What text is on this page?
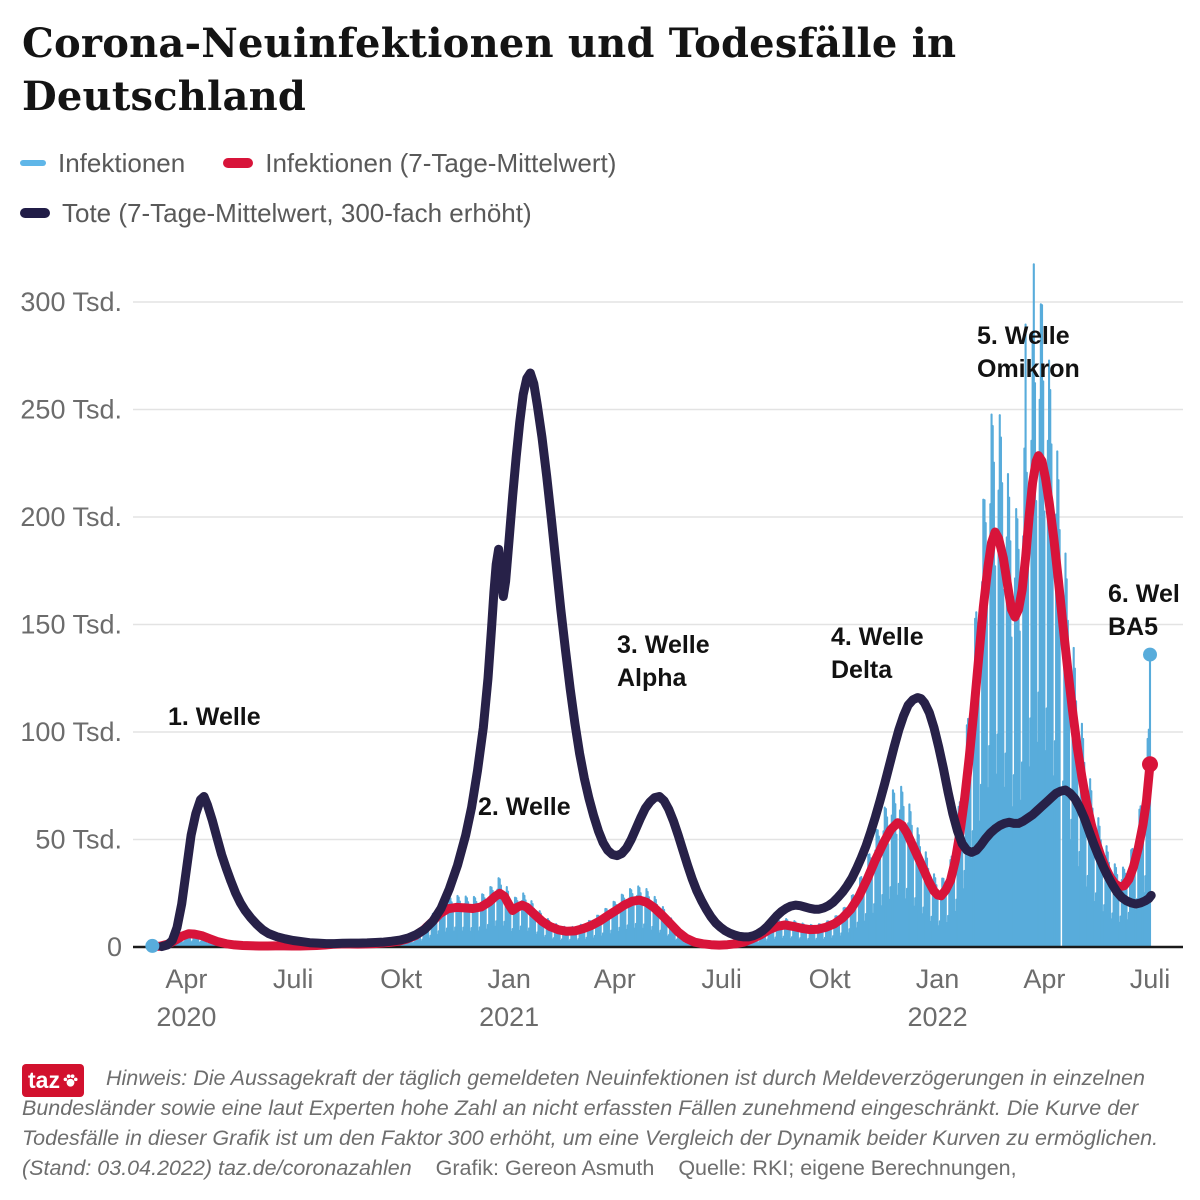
Corona-Neuinfektionen und Todesfälle in
Deutschland
Infektionen	Infektionen (7-Tage-Mittelwert)
Tote (7-Tage-Mittelwert, 300-fach erhöht)
0
50 Tsd.
100 Tsd.
150 Tsd.
200 Tsd.
250 Tsd.
300 Tsd.
Apr
2020
Juli Okt Jan
2021
Apr Juli Okt Jan
2022
Apr Juli
1. Welle
2. Welle
3. Welle
Alpha
4. Welle
Delta
5. Welle
Omikron
6. Wel
BA5
taz	Hinweis: Die Aussagekraft der täglich gemeldeten Neuinfektionen ist durch Meldeverzögerungen in einzelnen
Bundesländer sowie eine laut Experten hohe Zahl an nicht erfassten Fällen zunehmend eingeschränkt. Die Kurve der
Todesfälle in dieser Grafik ist um den Faktor 300 erhöht, um eine Vergleich der Dynamik beider Kurven zu ermöglichen.
(Stand: 03.04.2022) taz.de/coronazahlen Grafik: Gereon Asmuth Quelle: RKI; eigene Berechnungen,
